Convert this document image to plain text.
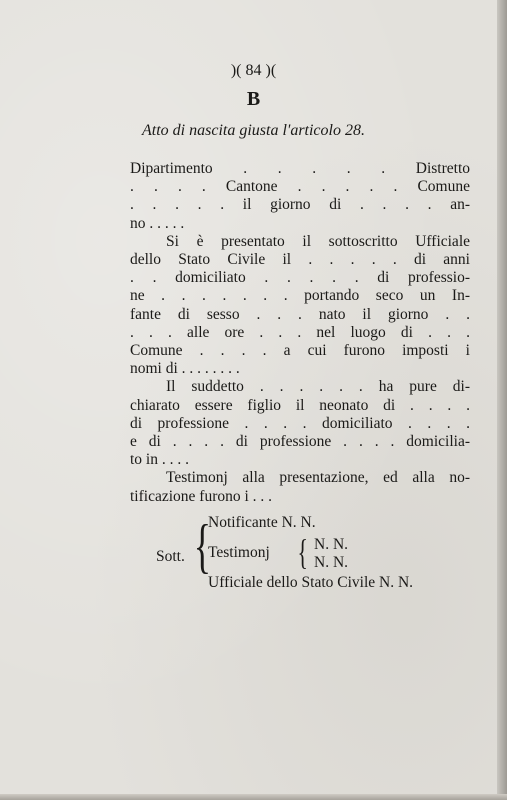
)( 84 )(
B
Atto di nascita giusta l'articolo 28.
Dipartimento . . . . . Distretto
. . . . Cantone . . . . . Comune
. . . . . il giorno di . . . . an-
no . . . . .
Si è presentato il sottoscritto Ufficiale
dello Stato Civile il . . . . . di anni
. . domiciliato . . . . . di professio-
ne . . . . . . . portando seco un In-
fante di sesso . . . nato il giorno . .
. . . alle ore . . . nel luogo di . . .
Comune . . . . a cui furono imposti i
nomi di . . . . . . . .
Il suddetto . . . . . . ha pure di-
chiarato essere figlio il neonato di . . . .
di professione . . . . domiciliato . . . .
e di . . . . di professione . . . . domicilia-
to in . . . .
Testimonj alla presentazione, ed alla no-
tificazione furono i . . .
Sott. {
Notificante N. N.
Testimonj { N. N.
N. N.
Ufficiale dello Stato Civile N. N.
